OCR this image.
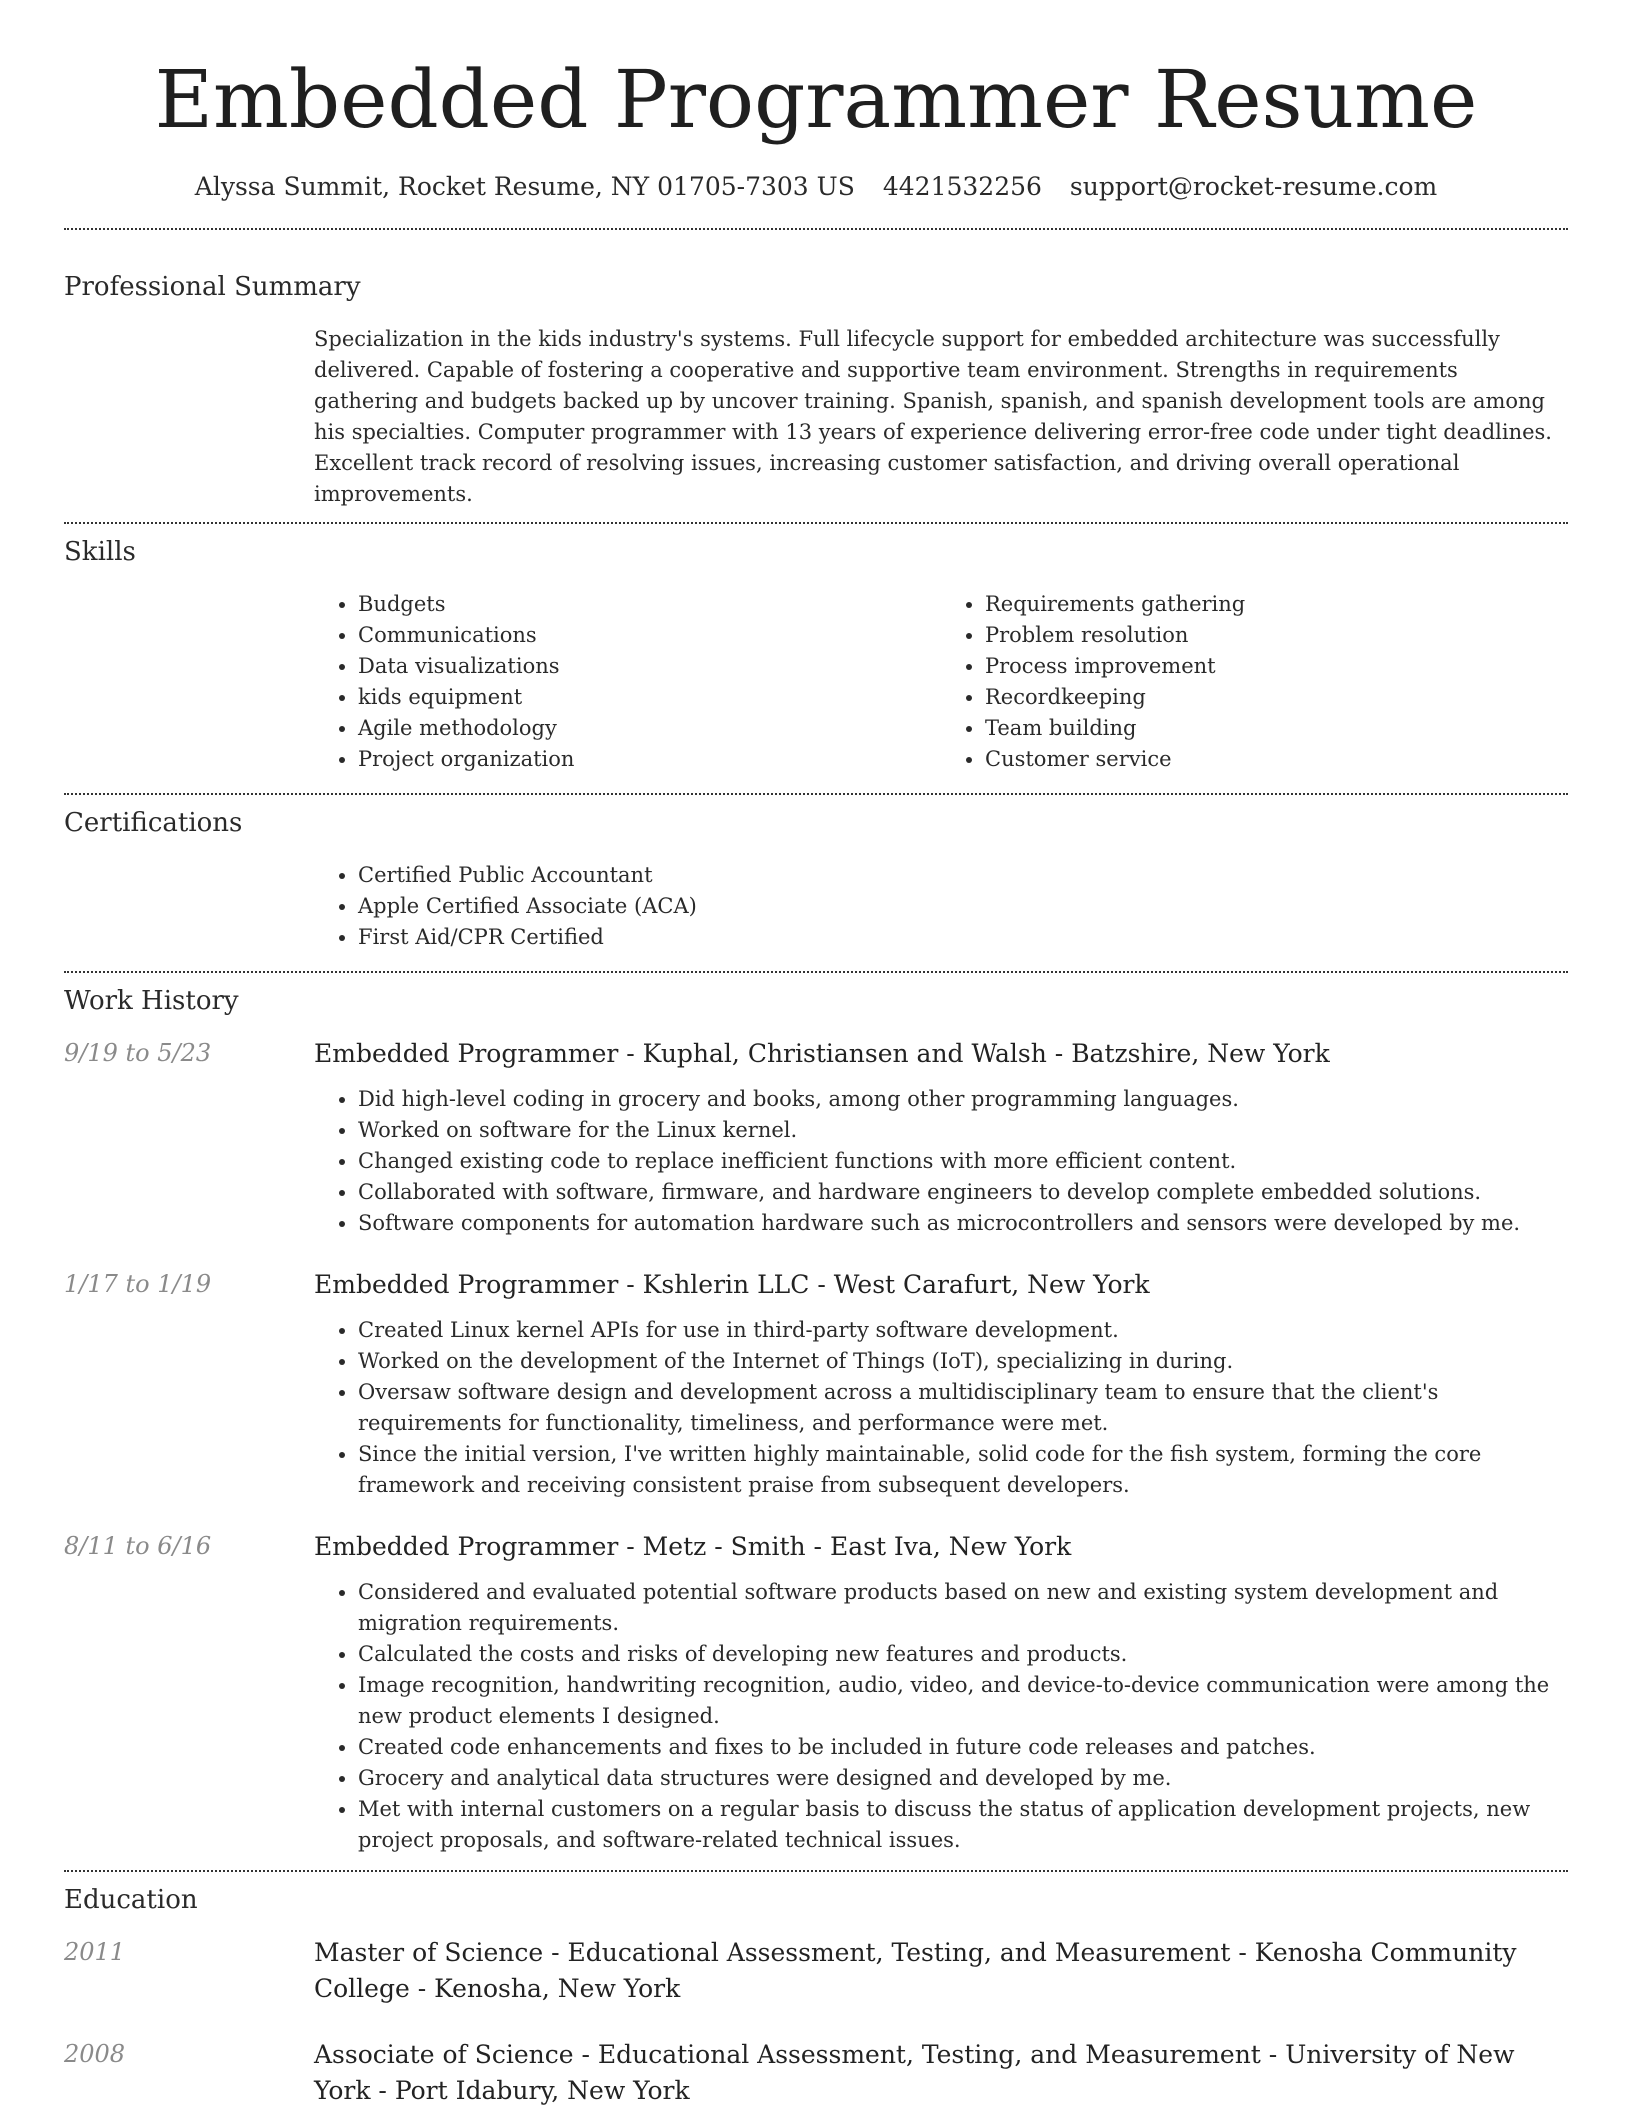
Embedded Programmer Resume
Alyssa Summit, Rocket Resume, NY 01705-7303 US 4421532256 support@rocket-resume.com
Professional Summary
Specialization in the kids industry's systems. Full lifecycle support for embedded architecture was successfully delivered. Capable of fostering a cooperative and supportive team environment. Strengths in requirements gathering and budgets backed up by uncover training. Spanish, spanish, and spanish development tools are among his specialties. Computer programmer with 13 years of experience delivering error-free code under tight deadlines. Excellent track record of resolving issues, increasing customer satisfaction, and driving overall operational improvements.
Skills
• Budgets
• Communications
• Data visualizations
• kids equipment
• Agile methodology
• Project organization
• Requirements gathering
• Problem resolution
• Process improvement
• Recordkeeping
• Team building
• Customer service
Certifications
• Certified Public Accountant
• Apple Certified Associate (ACA)
• First Aid/CPR Certified
Work History
9/19 to 5/23	Embedded Programmer - Kuphal, Christiansen and Walsh - Batzshire, New York
• Did high-level coding in grocery and books, among other programming languages.
• Worked on software for the Linux kernel.
• Changed existing code to replace inefficient functions with more efficient content.
• Collaborated with software, firmware, and hardware engineers to develop complete embedded solutions.
• Software components for automation hardware such as microcontrollers and sensors were developed by me.
1/17 to 1/19	Embedded Programmer - Kshlerin LLC - West Carafurt, New York
• Created Linux kernel APIs for use in third-party software development.
• Worked on the development of the Internet of Things (IoT), specializing in during.
• Oversaw software design and development across a multidisciplinary team to ensure that the client's requirements for functionality, timeliness, and performance were met.
• Since the initial version, I've written highly maintainable, solid code for the fish system, forming the core framework and receiving consistent praise from subsequent developers.
8/11 to 6/16	Embedded Programmer - Metz - Smith - East Iva, New York
• Considered and evaluated potential software products based on new and existing system development and migration requirements.
• Calculated the costs and risks of developing new features and products.
• Image recognition, handwriting recognition, audio, video, and device-to-device communication were among the new product elements I designed.
• Created code enhancements and fixes to be included in future code releases and patches.
• Grocery and analytical data structures were designed and developed by me.
• Met with internal customers on a regular basis to discuss the status of application development projects, new project proposals, and software-related technical issues.
Education
2011	Master of Science - Educational Assessment, Testing, and Measurement - Kenosha Community College - Kenosha, New York
2008	Associate of Science - Educational Assessment, Testing, and Measurement - University of New York - Port Idabury, New York
